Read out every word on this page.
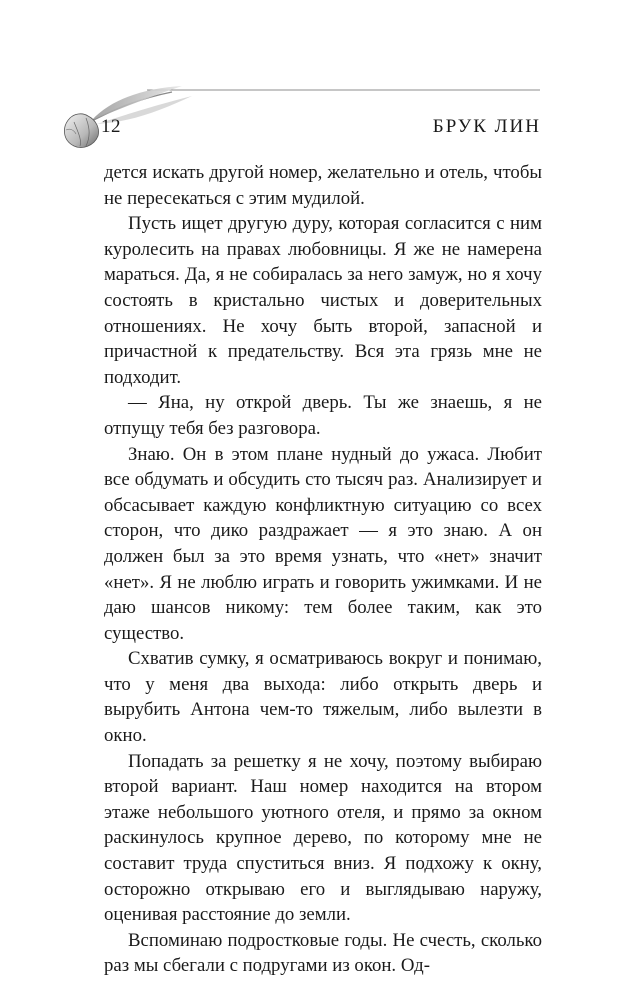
12	БРУК ЛИН

дется искать другой номер, желательно и отель, чтобы не пересекаться с этим мудилой.

Пусть ищет другую дуру, которая согласится с ним куролесить на правах любовницы. Я же не намерена мараться. Да, я не собиралась за него замуж, но я хочу состоять в кристально чистых и доверительных отношениях. Не хочу быть второй, запасной и причастной к предательству. Вся эта грязь мне не подходит.

— Яна, ну открой дверь. Ты же знаешь, я не отпущу тебя без разговора.

Знаю. Он в этом плане нудный до ужаса. Любит все обдумать и обсудить сто тысяч раз. Анализирует и обсасывает каждую конфликтную ситуацию со всех сторон, что дико раздражает — я это знаю. А он должен был за это время узнать, что «нет» значит «нет». Я не люблю играть и говорить ужимками. И не даю шансов никому: тем более таким, как это существо.

Схватив сумку, я осматриваюсь вокруг и понимаю, что у меня два выхода: либо открыть дверь и вырубить Антона чем-то тяжелым, либо вылезти в окно.

Попадать за решетку я не хочу, поэтому выбираю второй вариант. Наш номер находится на втором этаже небольшого уютного отеля, и прямо за окном раскинулось крупное дерево, по которому мне не составит труда спуститься вниз. Я подхожу к окну, осторожно открываю его и выглядываю наружу, оценивая расстояние до земли.

Вспоминаю подростковые годы. Не счесть, сколько раз мы сбегали с подругами из окон. Од-
